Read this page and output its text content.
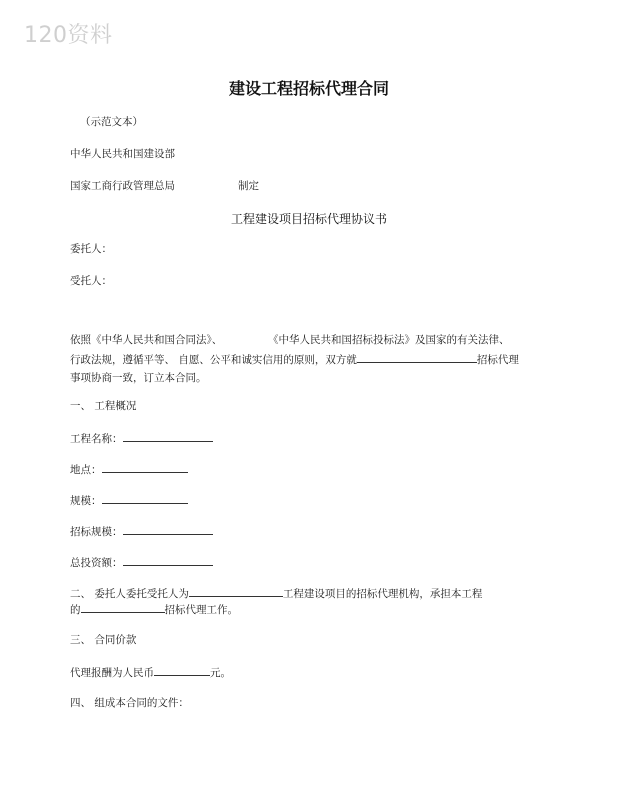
120资料
建设工程招标代理合同
（示范文本）
中华人民共和国建设部
国家工商行政管理总局	制定
工程建设项目招标代理协议书
委托人：
受托人：
依照《中华人民共和国合同法》、	《中华人民共和国招标投标法》及国家的有关法律、
行政法规，遵循平等、 自愿、公平和诚实信用的原则，双方就	招标代理
事项协商一致，订立本合同。
一、 工程概况
工程名称：
地点：
规模：
招标规模：
总投资额：
二、 委托人委托受托人为	工程建设项目的招标代理机构，承担本工程
的	招标代理工作。
三、 合同价款
代理报酬为人民币	元。
四、 组成本合同的文件：
